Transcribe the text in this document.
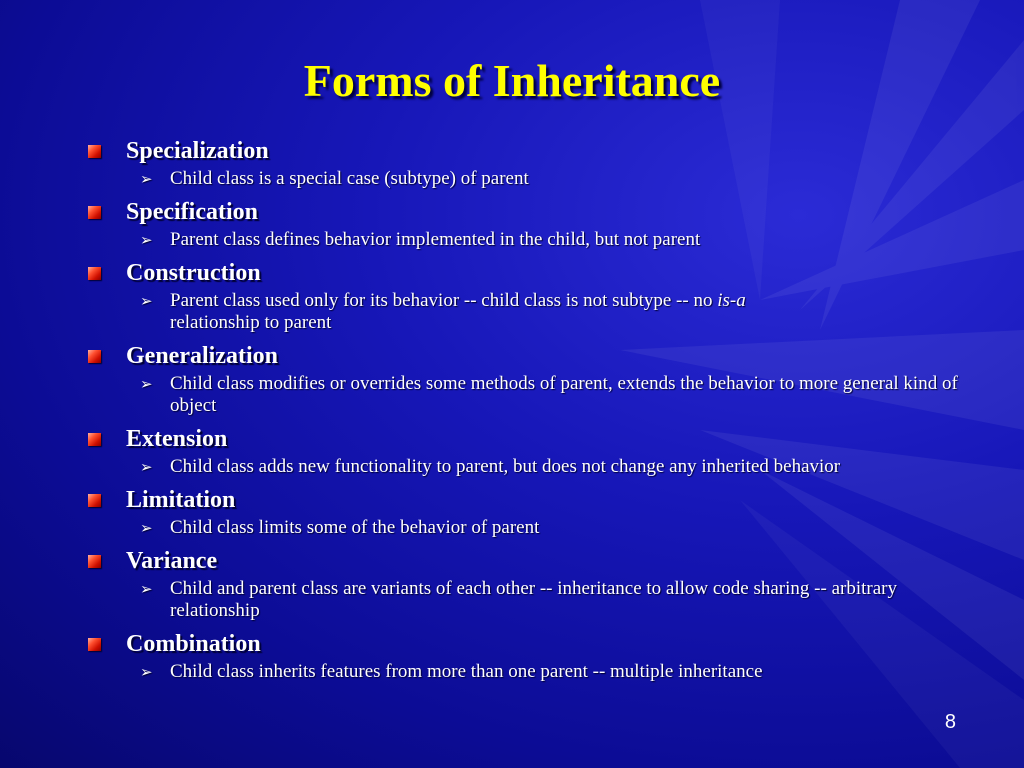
Forms of Inheritance
Specialization
➢ Child class is a special case (subtype) of parent
Specification
➢ Parent class defines behavior implemented in the child, but not parent
Construction
➢ Parent class used only for its behavior -- child class is not subtype -- no is-a
relationship to parent
Generalization
➢ Child class modifies or overrides some methods of parent, extends the behavior to more general kind of object
Extension
➢ Child class adds new functionality to parent, but does not change any inherited behavior
Limitation
➢ Child class limits some of the behavior of parent
Variance
➢ Child and parent class are variants of each other -- inheritance to allow code sharing -- arbitrary relationship
Combination
➢ Child class inherits features from more than one parent -- multiple inheritance
8
